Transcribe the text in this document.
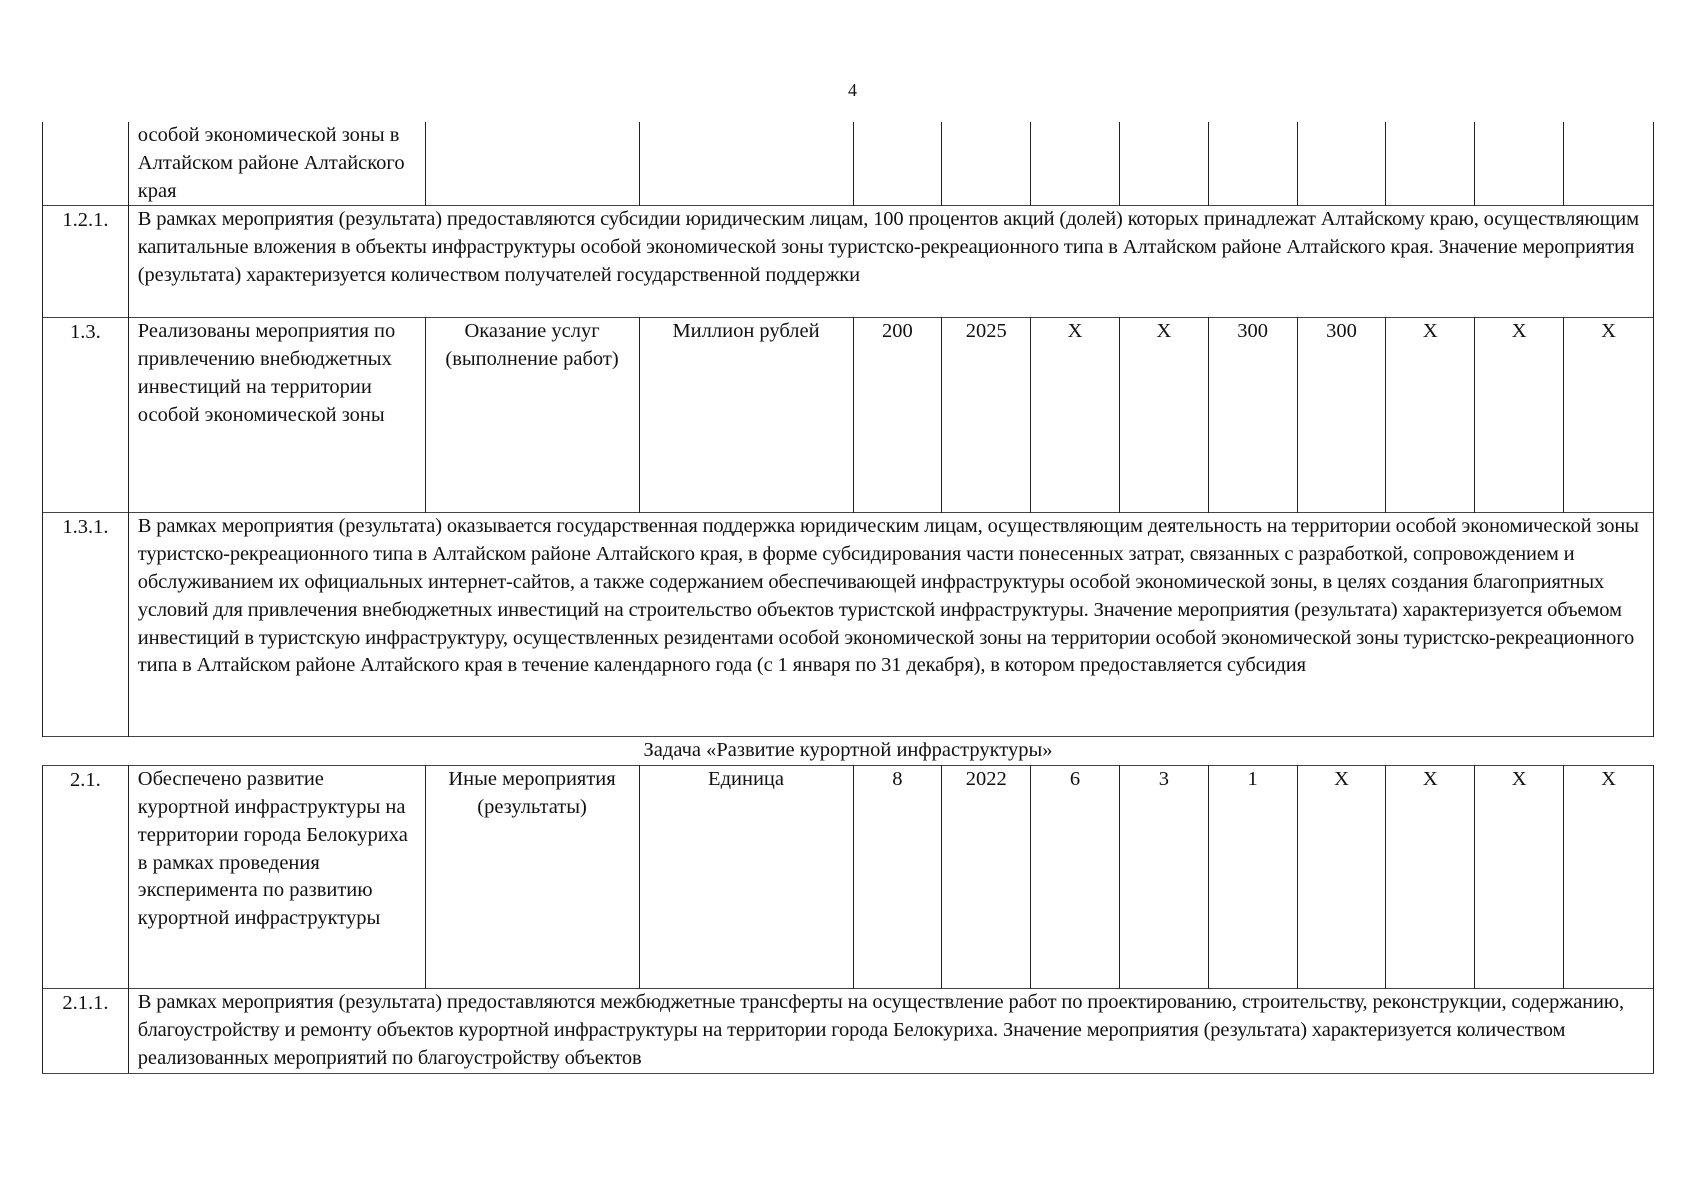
4
	особой экономической зоны в Алтайском районе Алтайского края											
1.2.1.	В рамках мероприятия (результата) предоставляются субсидии юридическим лицам, 100 процентов акций (долей) которых принадлежат Алтайскому краю, осуществляющим капитальные вложения в объекты инфраструктуры особой экономической зоны туристско-рекреационного типа в Алтайском районе Алтайского края. Значение мероприятия (результата) характеризуется количеством получателей государственной поддержки											
1.3.	Реализованы мероприятия по привлечению внебюджетных инвестиций на территории особой экономической зоны	Оказание услуг (выполнение работ)	Миллион рублей	200	2025	Х	Х	300	300	Х	Х	Х
1.3.1.	В рамках мероприятия (результата) оказывается государственная поддержка юридическим лицам, осуществляющим деятельность на территории особой экономической зоны туристско-рекреационного типа в Алтайском районе Алтайского края, в форме субсидирования части понесенных затрат, связанных с разработкой, сопровождением и обслуживанием их официальных интернет-сайтов, а также содержанием обеспечивающей инфраструктуры особой экономической зоны, в целях создания благоприятных условий для привлечения внебюджетных инвестиций на строительство объектов туристской инфраструктуры. Значение мероприятия (результата) характеризуется объемом инвестиций в туристскую инфраструктуру, осуществленных резидентами особой экономической зоны на территории особой экономической зоны туристско-рекреационного типа в Алтайском районе Алтайского края в течение календарного года (с 1 января по 31 декабря), в котором предоставляется субсидия											
Задача «Развитие курортной инфраструктуры»												
2.1.	Обеспечено развитие курортной инфраструктуры на территории города Белокуриха в рамках проведения эксперимента по развитию курортной инфраструктуры	Иные мероприятия (результаты)	Единица	8	2022	6	3	1	Х	Х	Х	Х
2.1.1.	В рамках мероприятия (результата) предоставляются межбюджетные трансферты на осуществление работ по проектированию, строительству, реконструкции, содержанию, благоустройству и ремонту объектов курортной инфраструктуры на территории города Белокуриха. Значение мероприятия (результата) характеризуется количеством реализованных мероприятий по благоустройству объектов											
